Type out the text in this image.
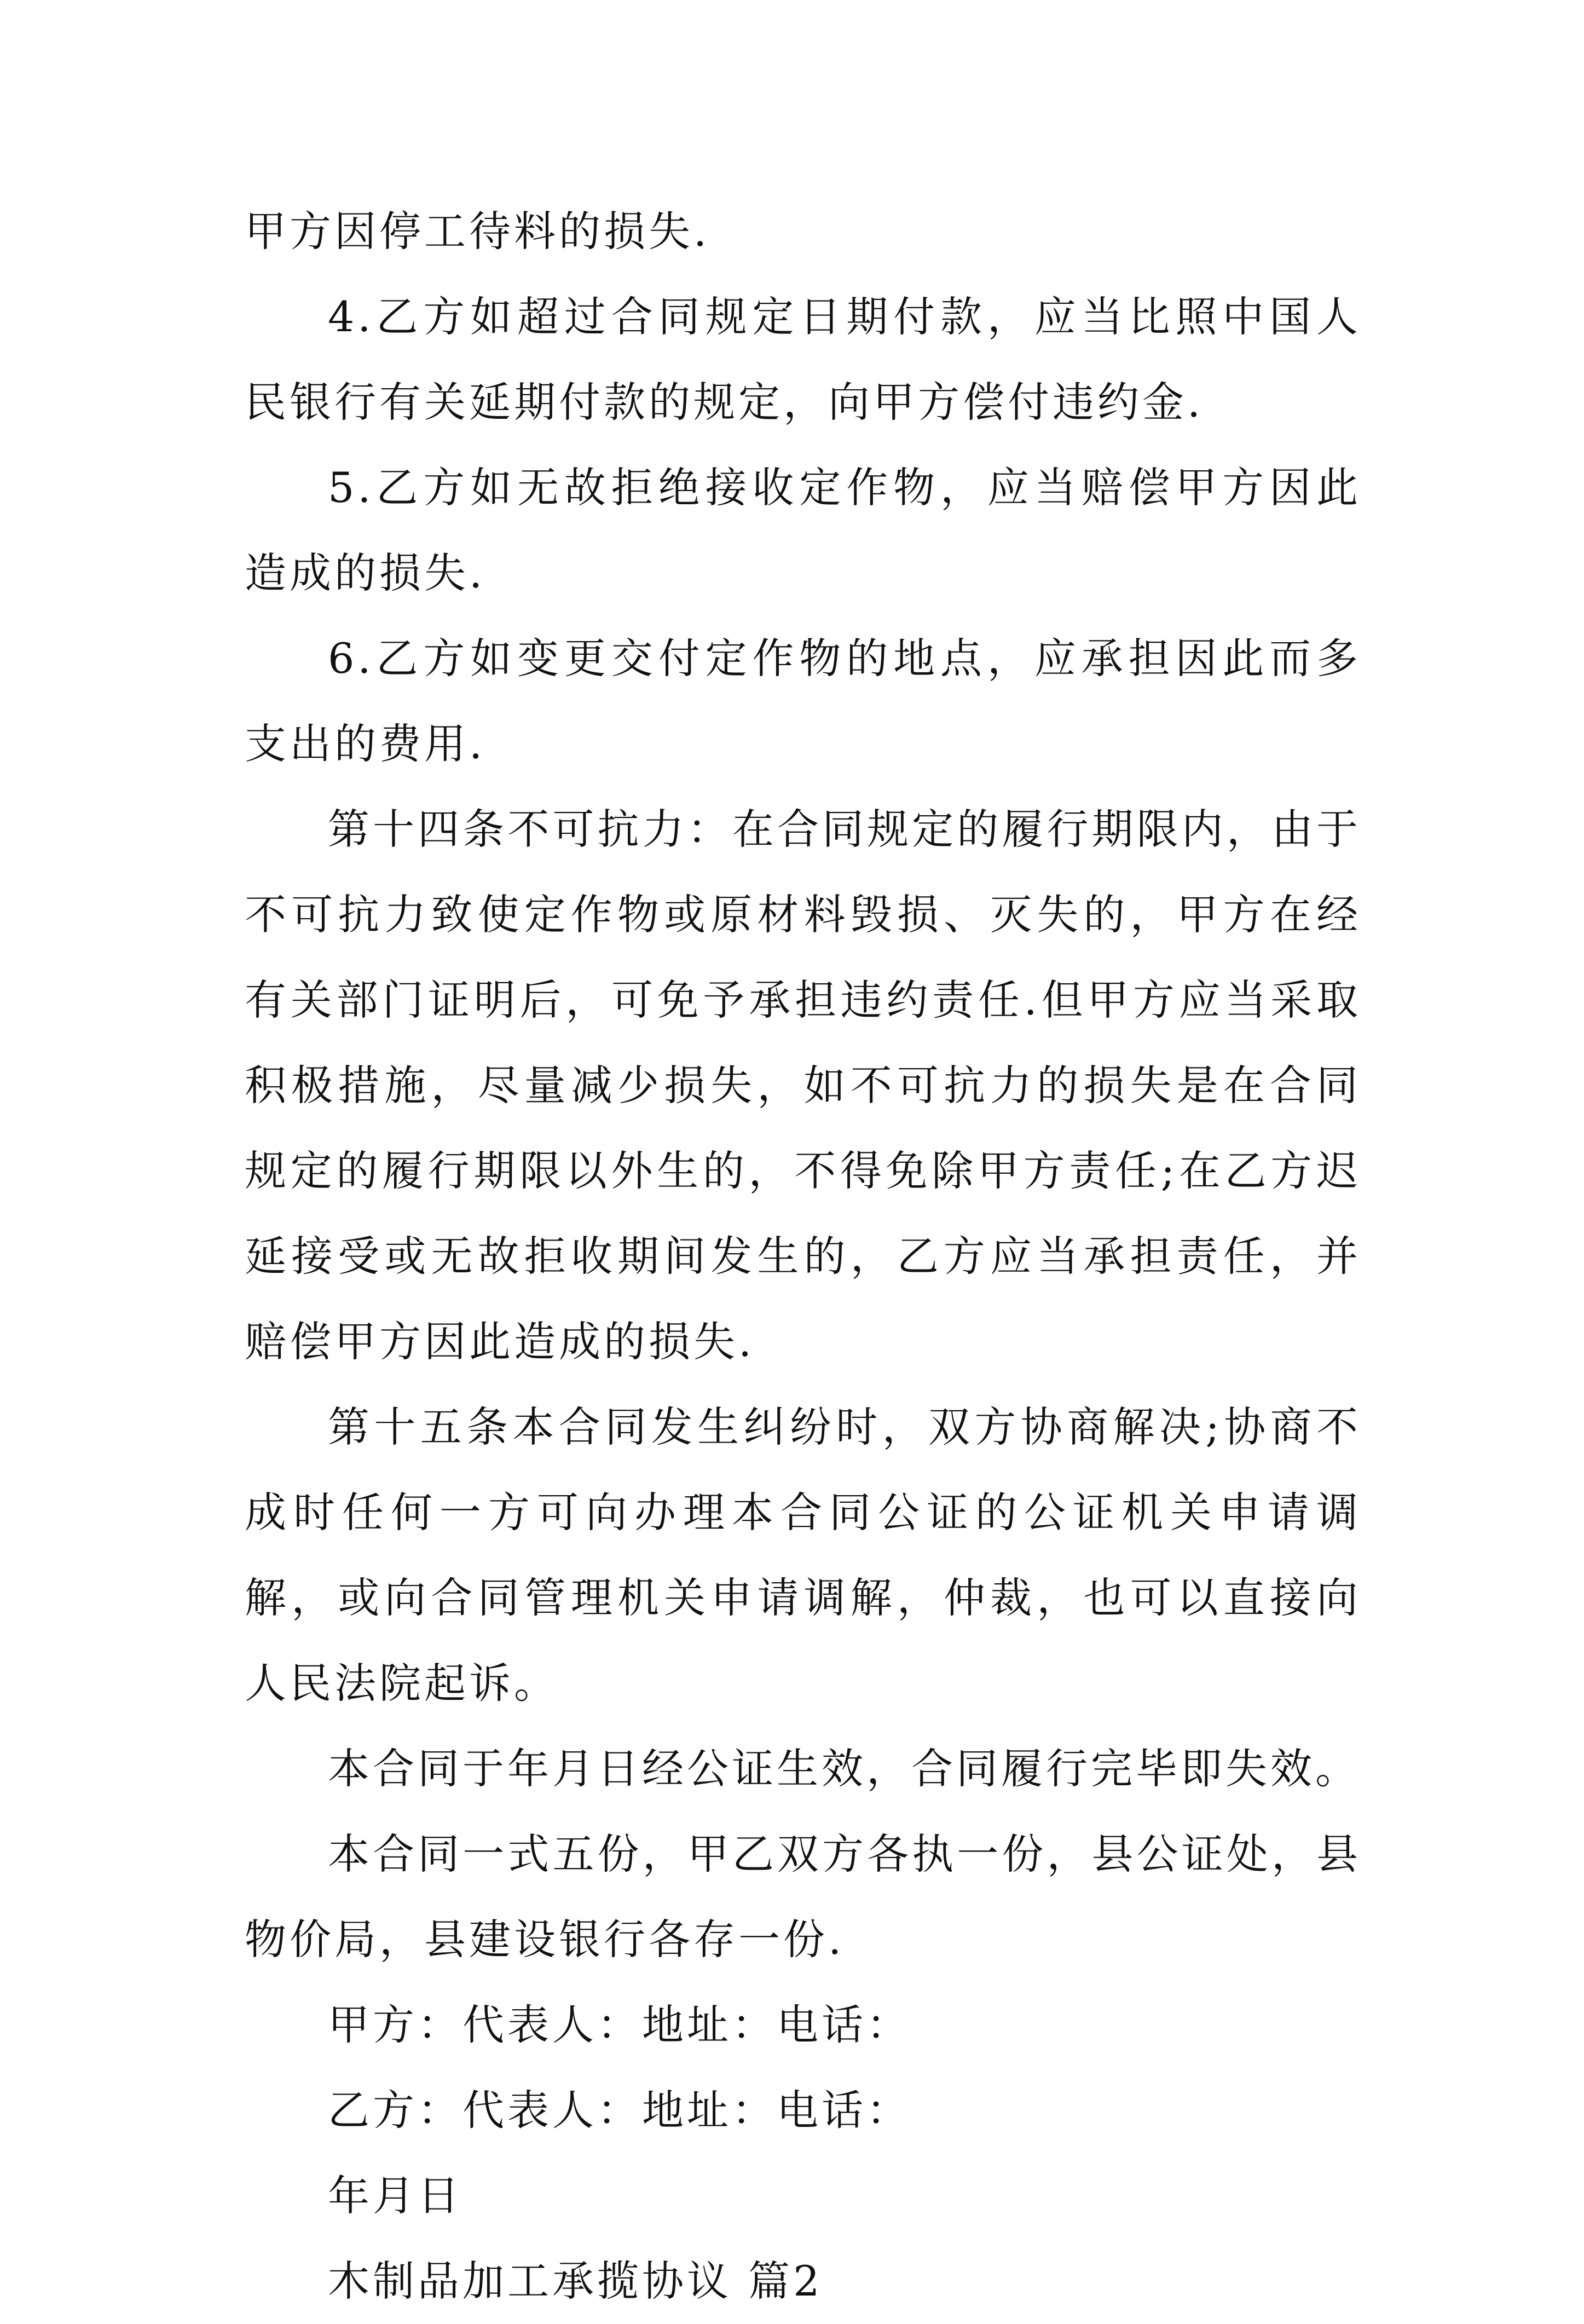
甲方因停工待料的损失.

4.乙方如超过合同规定日期付款，应当比照中国人民银行有关延期付款的规定，向甲方偿付违约金.

5.乙方如无故拒绝接收定作物，应当赔偿甲方因此造成的损失.

6.乙方如变更交付定作物的地点，应承担因此而多支出的费用.

第十四条不可抗力：在合同规定的履行期限内，由于不可抗力致使定作物或原材料毁损、灭失的，甲方在经有关部门证明后，可免予承担违约责任.但甲方应当采取积极措施，尽量减少损失，如不可抗力的损失是在合同规定的履行期限以外生的，不得免除甲方责任;在乙方迟延接受或无故拒收期间发生的，乙方应当承担责任，并赔偿甲方因此造成的损失.

第十五条本合同发生纠纷时，双方协商解决;协商不成时任何一方可向办理本合同公证的公证机关申请调解，或向合同管理机关申请调解，仲裁，也可以直接向人民法院起诉。

本合同于年月日经公证生效，合同履行完毕即失效。

本合同一式五份，甲乙双方各执一份，县公证处，县物价局，县建设银行各存一份.

甲方：代表人：地址：电话：

乙方：代表人：地址：电话：

年月日

木制品加工承揽协议 篇2
